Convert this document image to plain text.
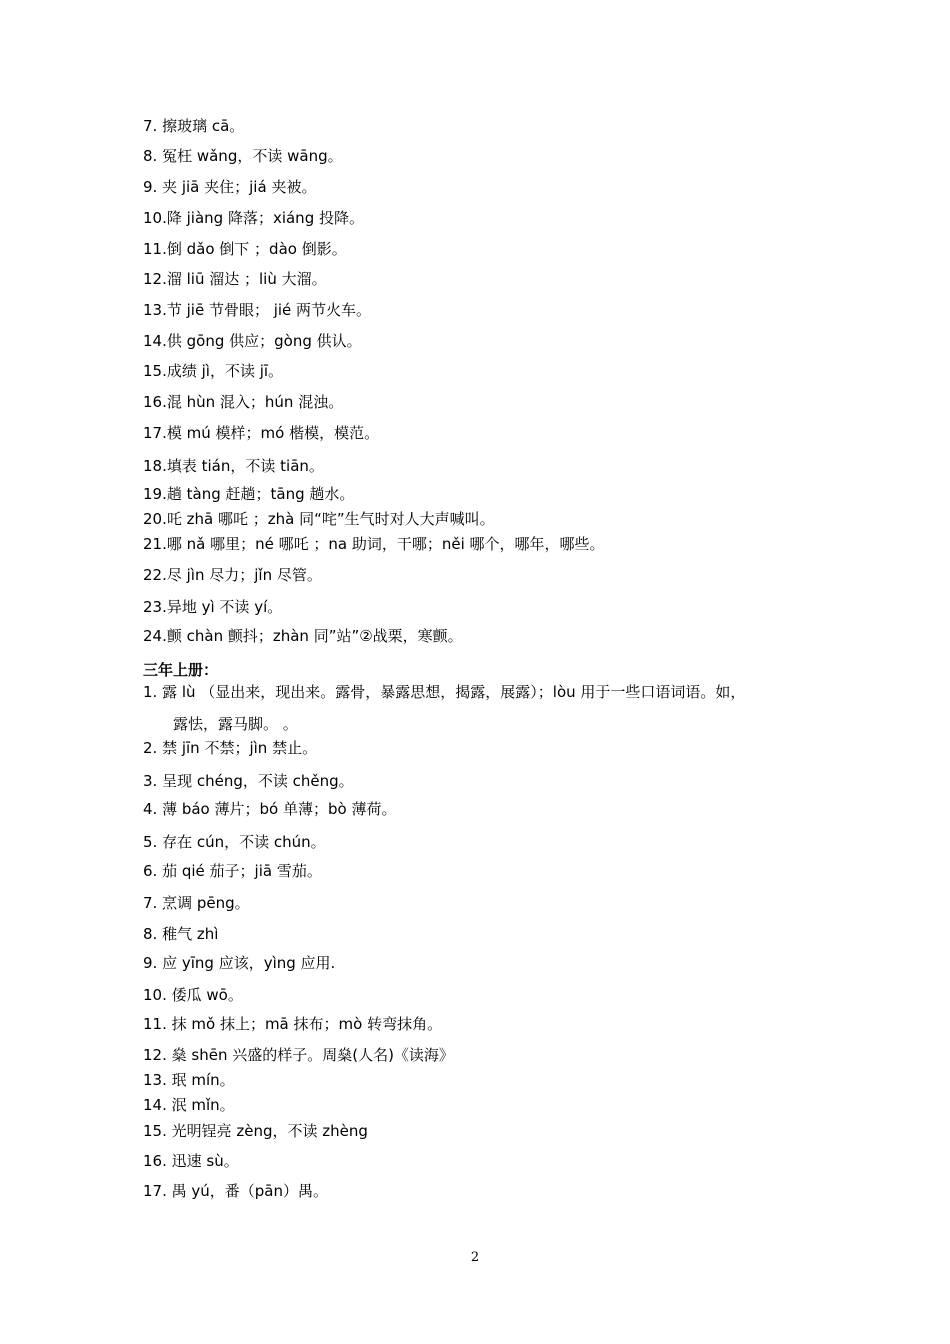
7. 擦玻璃 cā。
8. 冤枉 wǎng，不读 wāng。
9. 夹 jiā 夹住；jiá 夹被。
10.降 jiàng 降落；xiáng 投降。
11.倒 dǎo 倒下 ；dào 倒影。
12.溜 liū 溜达 ；liù 大溜。
13.节 jiē 节骨眼； jié 两节火车。
14.供 gōng 供应；gòng 供认。
15.成绩 jì，不读 jī。
16.混 hùn 混入；hún 混浊。
17.模 mú 模样；mó 楷模，模范。
18.填表 tián，不读 tiān。
19.趟 tàng 赶趟；tāng 趟水。
20.吒 zhā 哪吒 ；zhà 同“咤”生气时对人大声喊叫。
21.哪 nǎ 哪里；né 哪吒 ；na 助词，干哪；něi 哪个，哪年，哪些。
22.尽 jìn 尽力；jǐn 尽管。
23.异地 yì 不读 yí。
24.颤 chàn 颤抖；zhàn 同”站”②战栗，寒颤。
三年上册：
1. 露 lù （显出来，现出来。露骨，暴露思想，揭露，展露）；lòu 用于一些口语词语。如，
露怯，露马脚。 。
2. 禁 jīn 不禁；jìn 禁止。
3. 呈现 chéng，不读 chěng。
4. 薄 báo 薄片；bó 单薄；bò 薄荷。
5. 存在 cún，不读 chún。
6. 茄 qié 茄子；jiā 雪茄。
7. 烹调 pēng。
8. 稚气 zhì
9. 应 yīng 应该，yìng 应用.
10. 倭瓜 wō。
11. 抹 mǒ 抹上；mā 抹布；mò 转弯抹角。
12. 燊 shēn 兴盛的样子。周燊(人名)《读海》
13. 珉 mín。
14. 泯 mǐn。
15. 光明锃亮 zèng，不读 zhèng
16. 迅速 sù。
17. 禺 yú，番（pān）禺。
2
